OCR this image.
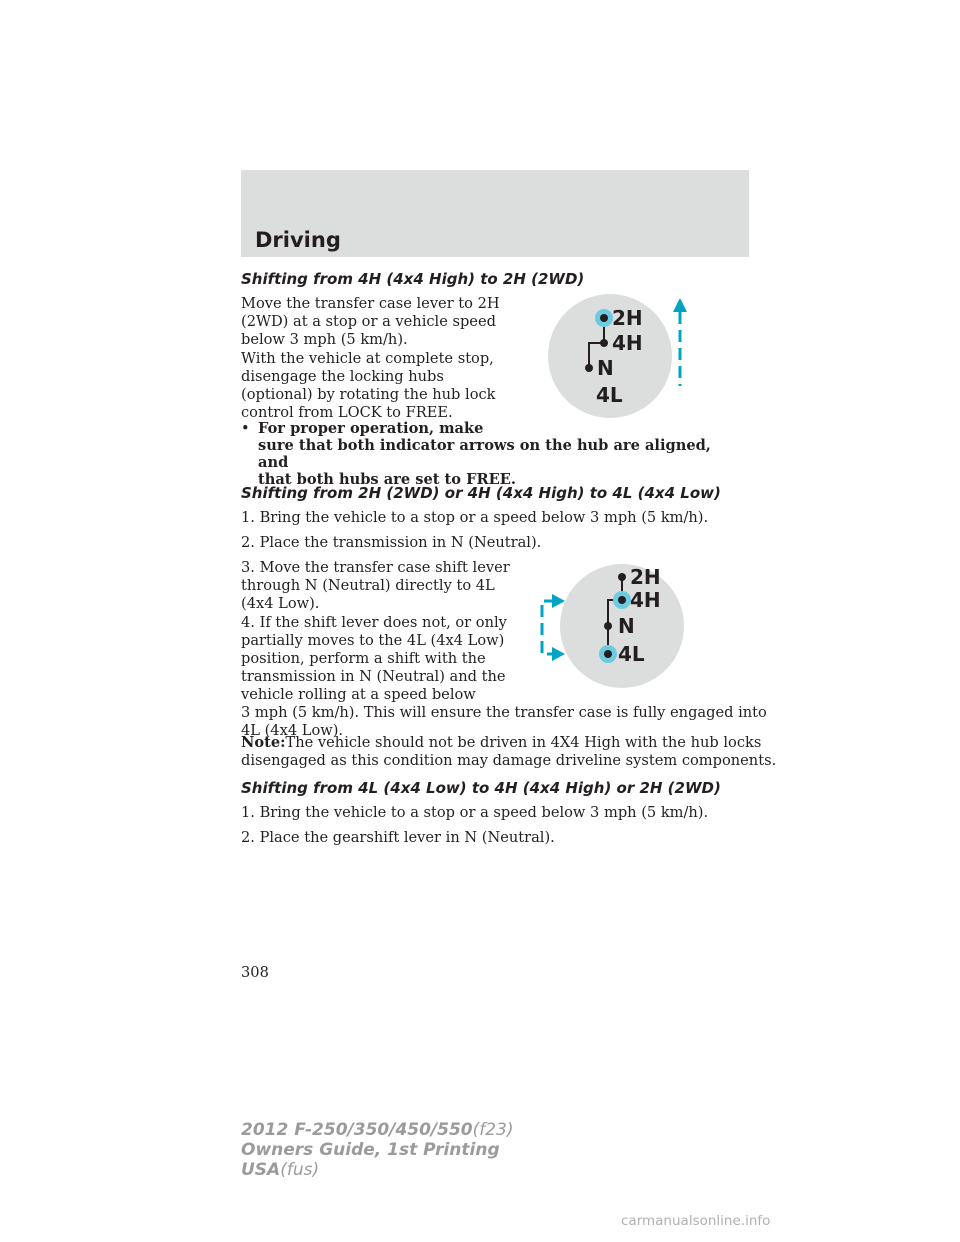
Driving
Shifting from 4H (4x4 High) to 2H (2WD)
Move the transfer case lever to 2H
(2WD) at a stop or a vehicle speed
below 3 mph (5 km/h).
With the vehicle at complete stop,
disengage the locking hubs
(optional) by rotating the hub lock
control from LOCK to FREE.
• For proper operation, make
sure that both indicator arrows on the hub are aligned, and
that both hubs are set to FREE.
2H
4H
N
4L
Shifting from 2H (2WD) or 4H (4x4 High) to 4L (4x4 Low)
1. Bring the vehicle to a stop or a speed below 3 mph (5 km/h).
2. Place the transmission in N (Neutral).
3. Move the transfer case shift lever
through N (Neutral) directly to 4L
(4x4 Low).
4. If the shift lever does not, or only
partially moves to the 4L (4x4 Low)
position, perform a shift with the
transmission in N (Neutral) and the
vehicle rolling at a speed below
3 mph (5 km/h). This will ensure the transfer case is fully engaged into
4L (4x4 Low).
Note:The vehicle should not be driven in 4X4 High with the hub locks
disengaged as this condition may damage driveline system components.
2H
4H
N
4L
Shifting from 4L (4x4 Low) to 4H (4x4 High) or 2H (2WD)
1. Bring the vehicle to a stop or a speed below 3 mph (5 km/h).
2. Place the gearshift lever in N (Neutral).
308
2012 F-250/350/450/550(f23)
Owners Guide, 1st Printing
USA(fus)
carmanualsonline.info
